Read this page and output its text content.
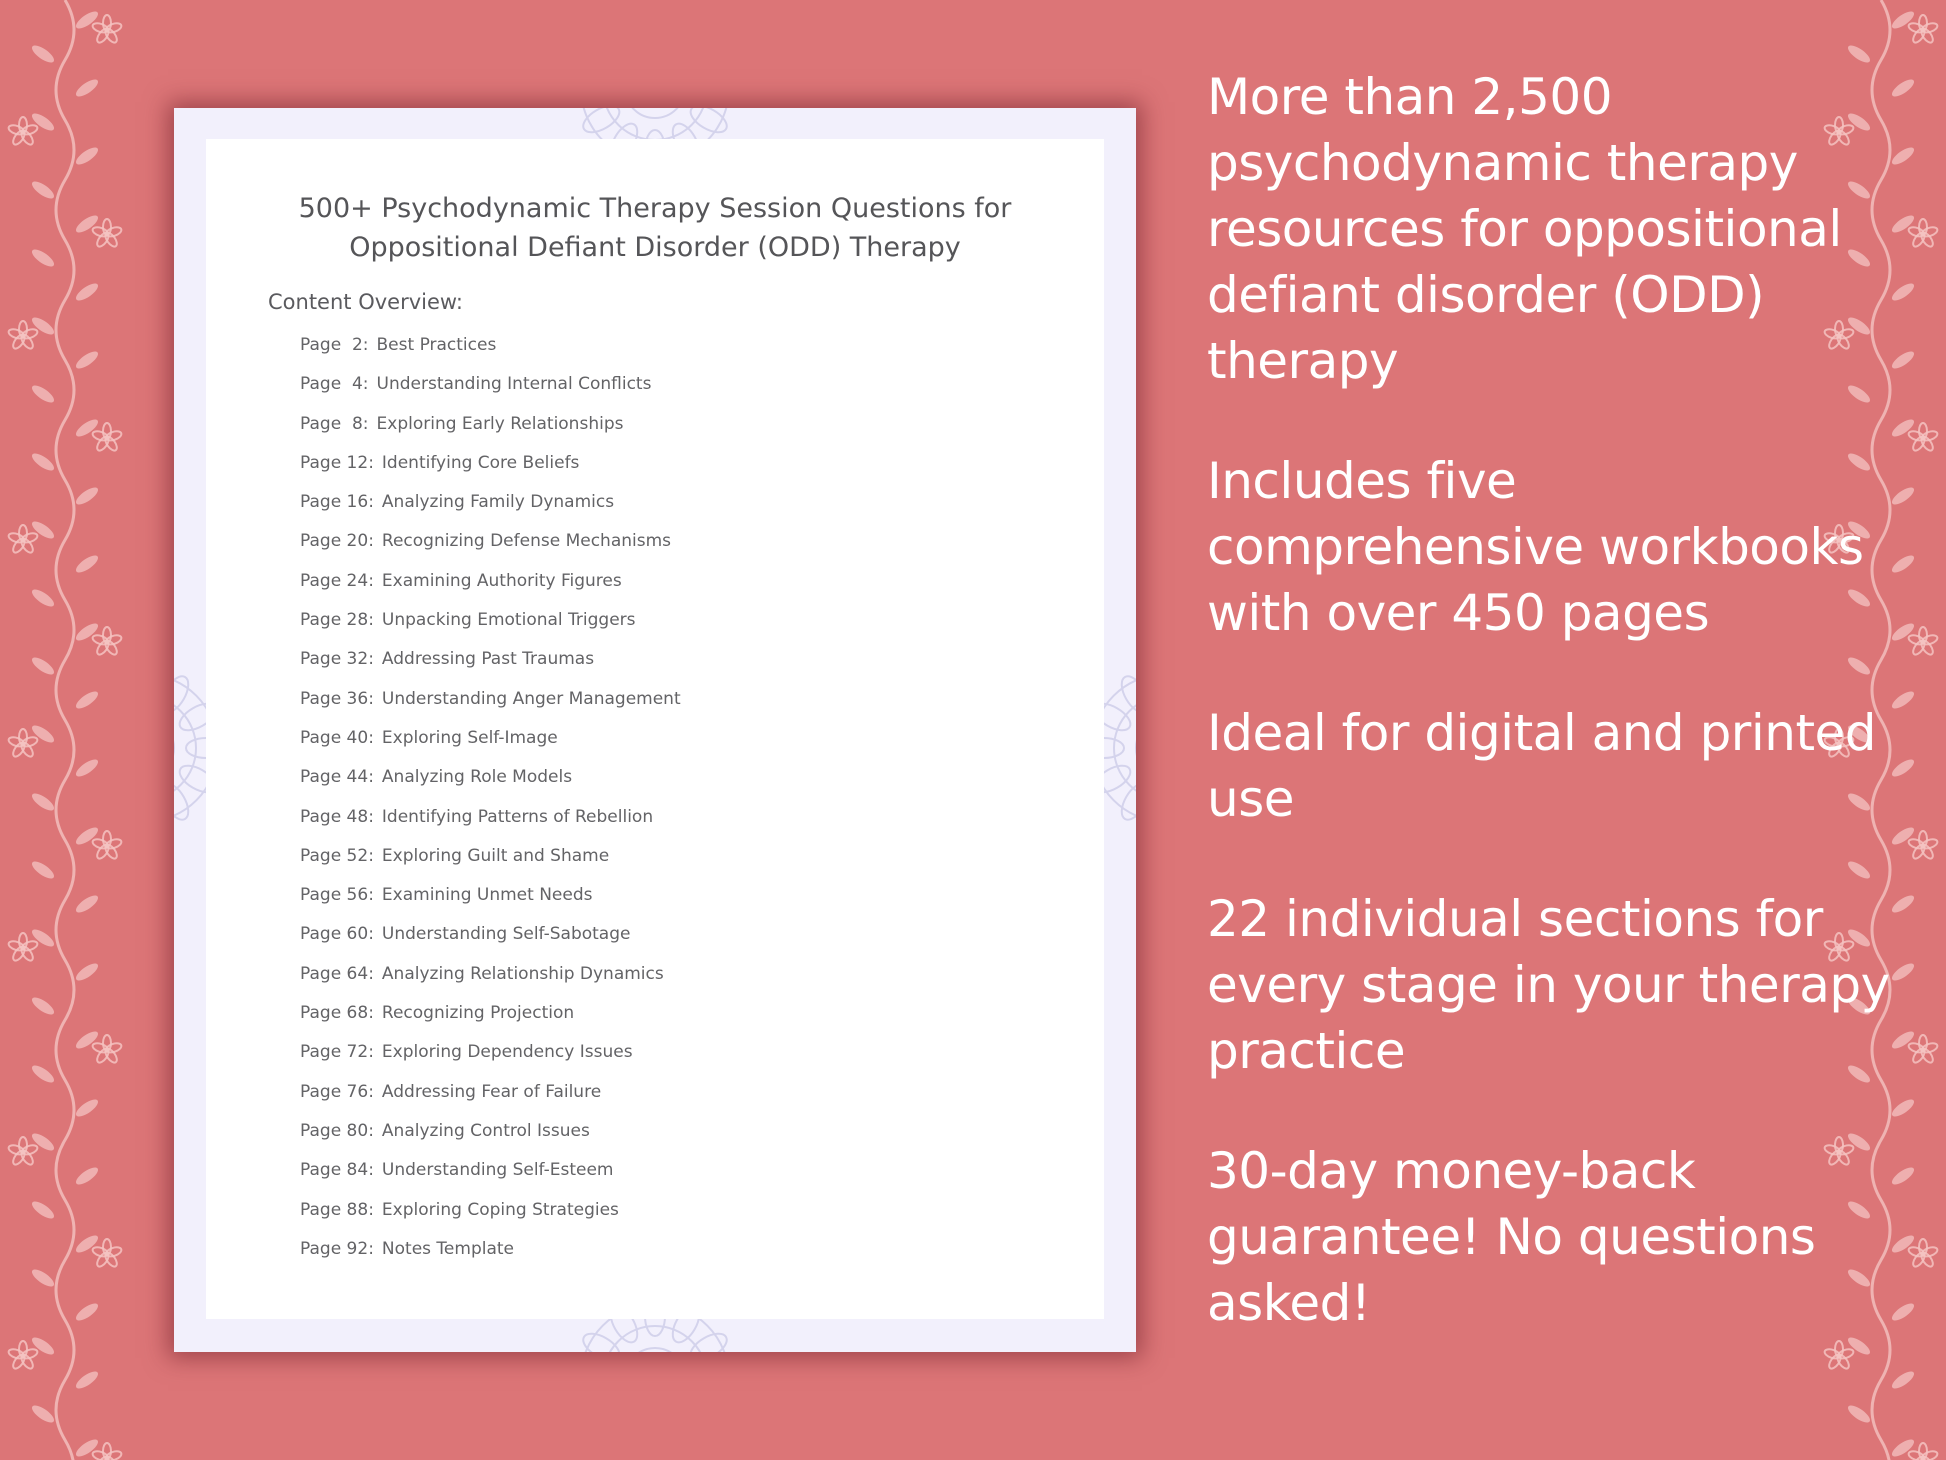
500+ Psychodynamic Therapy Session Questions for Oppositional Defiant Disorder (ODD) Therapy
Content Overview:
Page  2: Best Practices
Page  4: Understanding Internal Conflicts
Page  8: Exploring Early Relationships
Page 12: Identifying Core Beliefs
Page 16: Analyzing Family Dynamics
Page 20: Recognizing Defense Mechanisms
Page 24: Examining Authority Figures
Page 28: Unpacking Emotional Triggers
Page 32: Addressing Past Traumas
Page 36: Understanding Anger Management
Page 40: Exploring Self-Image
Page 44: Analyzing Role Models
Page 48: Identifying Patterns of Rebellion
Page 52: Exploring Guilt and Shame
Page 56: Examining Unmet Needs
Page 60: Understanding Self-Sabotage
Page 64: Analyzing Relationship Dynamics
Page 68: Recognizing Projection
Page 72: Exploring Dependency Issues
Page 76: Addressing Fear of Failure
Page 80: Analyzing Control Issues
Page 84: Understanding Self-Esteem
Page 88: Exploring Coping Strategies
Page 92: Notes Template
More than 2,500 psychodynamic therapy resources for oppositional defiant disorder (ODD) therapy
Includes five comprehensive workbooks with over 450 pages
Ideal for digital and printed use
22 individual sections for every stage in your therapy practice
30-day money-back guarantee! No questions asked!
